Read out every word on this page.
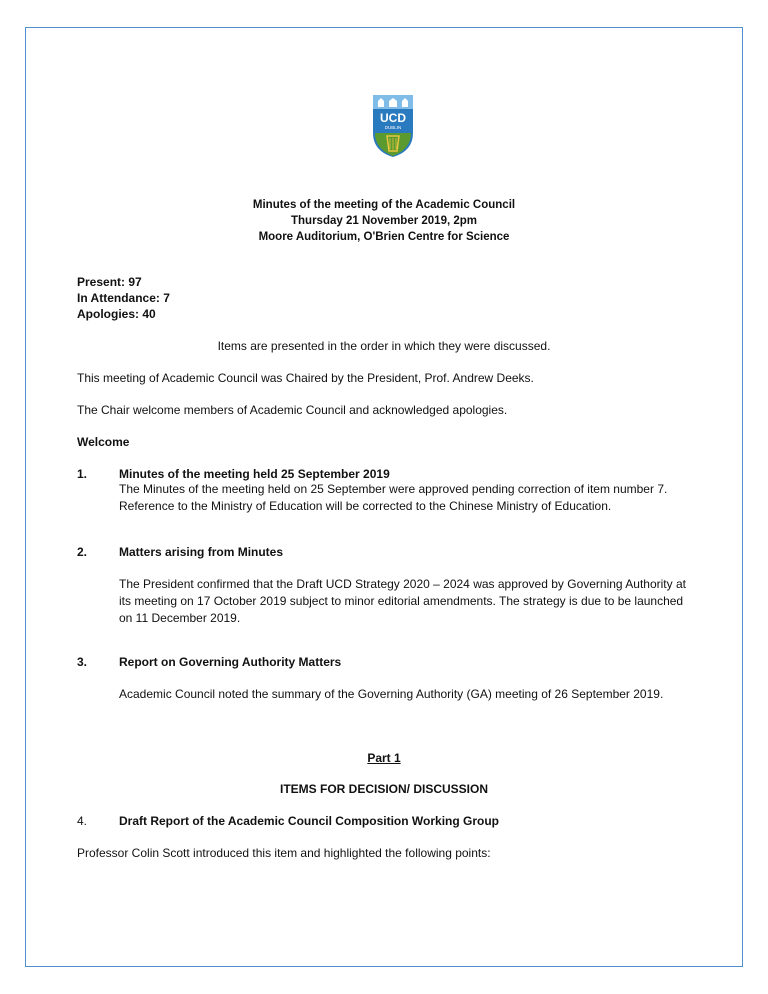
UCD
DUBLIN
Minutes of the meeting of the Academic Council
Thursday 21 November 2019, 2pm
Moore Auditorium, O'Brien Centre for Science
Present: 97
In Attendance: 7
Apologies: 40
Items are presented in the order in which they were discussed.
This meeting of Academic Council was Chaired by the President, Prof. Andrew Deeks.
The Chair welcome members of Academic Council and acknowledged apologies.
Welcome
1.	Minutes of the meeting held 25 September 2019
The Minutes of the meeting held on 25 September were approved pending correction of item number 7. Reference to the Ministry of Education will be corrected to the Chinese Ministry of Education.
2.	Matters arising from Minutes
The President confirmed that the Draft UCD Strategy 2020 – 2024 was approved by Governing Authority at its meeting on 17 October 2019 subject to minor editorial amendments. The strategy is due to be launched on 11 December 2019.
3.	Report on Governing Authority Matters
Academic Council noted the summary of the Governing Authority (GA) meeting of 26 September 2019.
Part 1
ITEMS FOR DECISION/ DISCUSSION
4.	Draft Report of the Academic Council Composition Working Group
Professor Colin Scott introduced this item and highlighted the following points:
